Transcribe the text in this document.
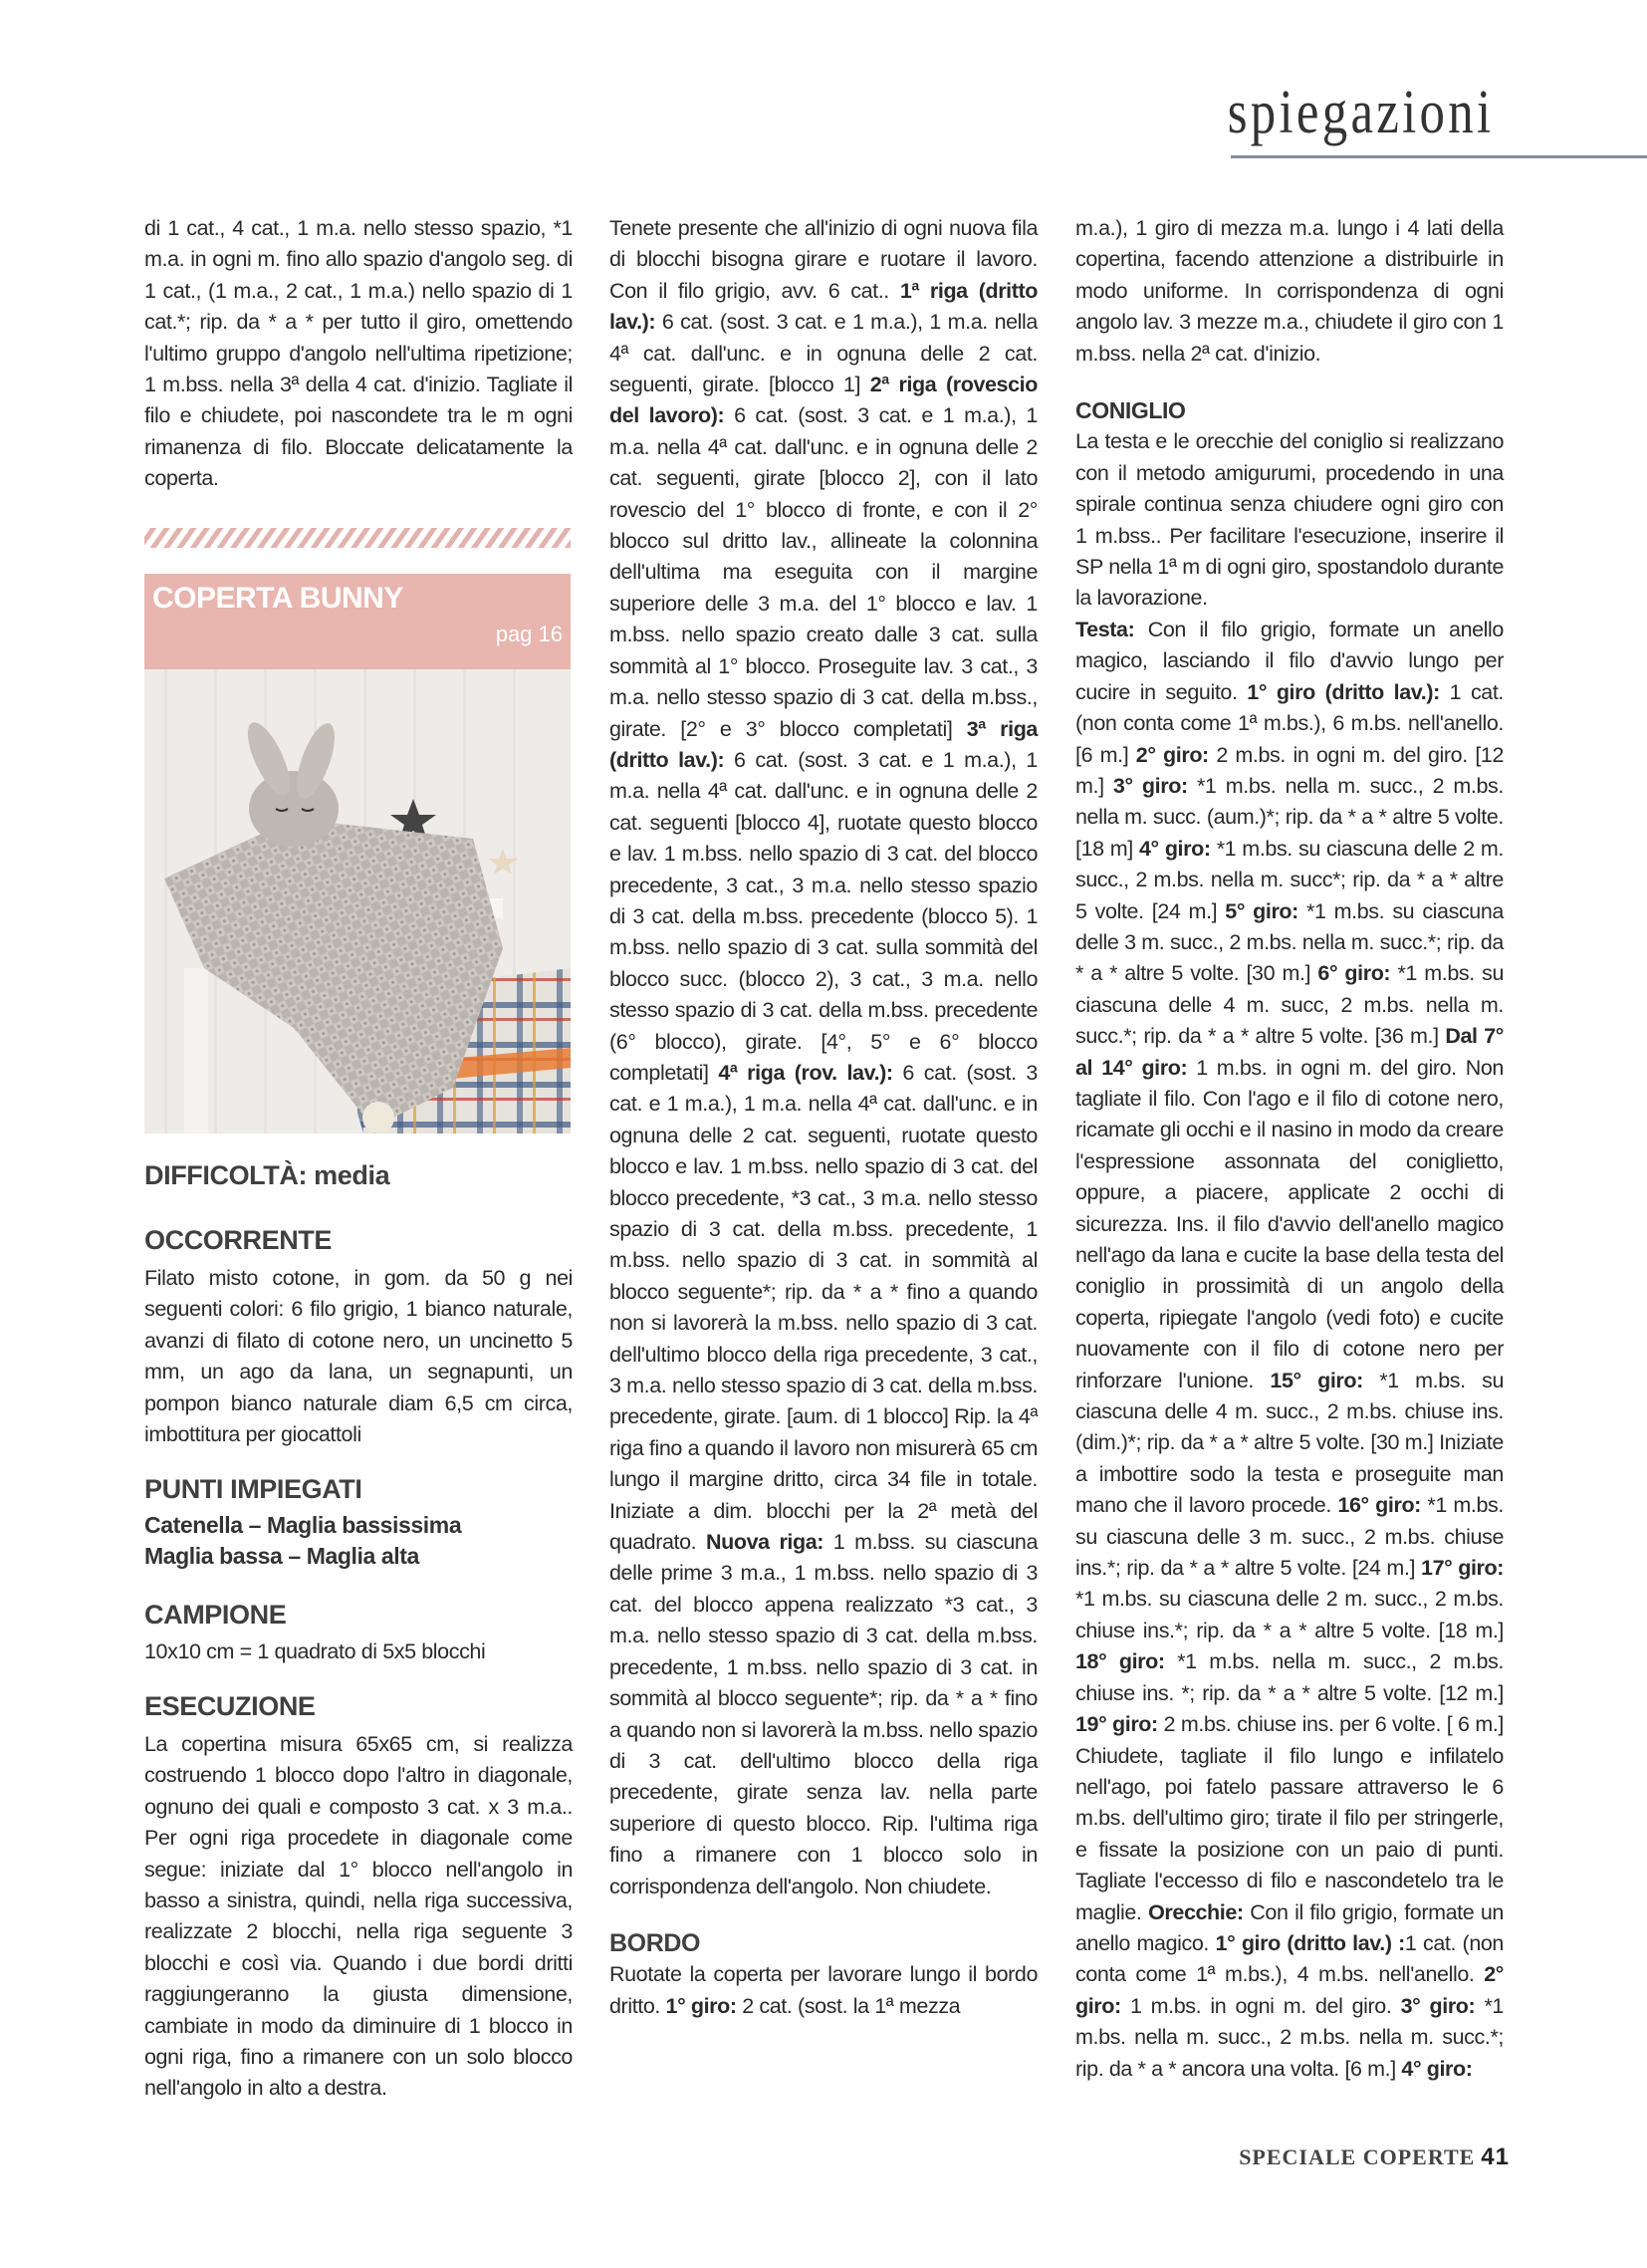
spiegazioni

di 1 cat., 4 cat., 1 m.a. nello stesso spazio, *1 m.a. in ogni m. fino allo spazio d'angolo seg. di 1 cat., (1 m.a., 2 cat., 1 m.a.) nello spazio di 1 cat.*; rip. da * a * per tutto il giro, omettendo l'ultimo gruppo d'angolo nell'ultima ripetizione; 1 m.bss. nella 3ª della 4 cat. d'inizio. Tagliate il filo e chiudete, poi nascondete tra le m ogni rimanenza di filo. Bloccate delicatamente la coperta.

COPERTA BUNNY
pag 16
DIFFICOLTÀ: media
OCCORRENTE

Filato misto cotone, in gom. da 50 g nei seguenti colori: 6 filo grigio, 1 bianco naturale, avanzi di filato di cotone nero, un uncinetto 5 mm, un ago da lana, un segnapunti, un pompon bianco naturale diam 6,5 cm circa, imbottitura per giocattoli

PUNTI IMPIEGATI

Catenella – Maglia bassissima

Maglia bassa – Maglia alta

CAMPIONE

10x10 cm = 1 quadrato di 5x5 blocchi

ESECUZIONE

La copertina misura 65x65 cm, si realizza costruendo 1 blocco dopo l'altro in diagonale, ognuno dei quali e composto 3 cat. x 3 m.a.. Per ogni riga procedete in diagonale come segue: iniziate dal 1° blocco nell'angolo in basso a sinistra, quindi, nella riga successiva, realizzate 2 blocchi, nella riga seguente 3 blocchi e così via. Quando i due bordi dritti raggiungeranno la giusta dimensione, cambiate in modo da diminuire di 1 blocco in ogni riga, fino a rimanere con un solo blocco nell'angolo in alto a destra.

Tenete presente che all'inizio di ogni nuova fila di blocchi bisogna girare e ruotare il lavoro. Con il filo grigio, avv. 6 cat.. 1ª riga (dritto lav.): 6 cat. (sost. 3 cat. e 1 m.a.), 1 m.a. nella 4ª cat. dall'unc. e in ognuna delle 2 cat. seguenti, girate. [blocco 1] 2ª riga (rovescio del lavoro): 6 cat. (sost. 3 cat. e 1 m.a.), 1 m.a. nella 4ª cat. dall'unc. e in ognuna delle 2 cat. seguenti, girate [blocco 2], con il lato rovescio del 1° blocco di fronte, e con il 2° blocco sul dritto lav., allineate la colonnina dell'ultima ma eseguita con il margine superiore delle 3 m.a. del 1° blocco e lav. 1 m.bss. nello spazio creato dalle 3 cat. sulla sommità al 1° blocco. Proseguite lav. 3 cat., 3 m.a. nello stesso spazio di 3 cat. della m.bss., girate. [2° e 3° blocco completati] 3ª riga (dritto lav.): 6 cat. (sost. 3 cat. e 1 m.a.), 1 m.a. nella 4ª cat. dall'unc. e in ognuna delle 2 cat. seguenti [blocco 4], ruotate questo blocco e lav. 1 m.bss. nello spazio di 3 cat. del blocco precedente, 3 cat., 3 m.a. nello stesso spazio di 3 cat. della m.bss. precedente (blocco 5). 1 m.bss. nello spazio di 3 cat. sulla sommità del blocco succ. (blocco 2), 3 cat., 3 m.a. nello stesso spazio di 3 cat. della m.bss. precedente (6° blocco), girate. [4°, 5° e 6° blocco completati] 4ª riga (rov. lav.): 6 cat. (sost. 3 cat. e 1 m.a.), 1 m.a. nella 4ª cat. dall'unc. e in ognuna delle 2 cat. seguenti, ruotate questo blocco e lav. 1 m.bss. nello spazio di 3 cat. del blocco precedente, *3 cat., 3 m.a. nello stesso spazio di 3 cat. della m.bss. precedente, 1 m.bss. nello spazio di 3 cat. in sommità al blocco seguente*; rip. da * a * fino a quando non si lavorerà la m.bss. nello spazio di 3 cat. dell'ultimo blocco della riga precedente, 3 cat., 3 m.a. nello stesso spazio di 3 cat. della m.bss. precedente, girate. [aum. di 1 blocco] Rip. la 4ª riga fino a quando il lavoro non misurerà 65 cm lungo il margine dritto, circa 34 file in totale. Iniziate a dim. blocchi per la 2ª metà del quadrato. Nuova riga: 1 m.bss. su ciascuna delle prime 3 m.a., 1 m.bss. nello spazio di 3 cat. del blocco appena realizzato *3 cat., 3 m.a. nello stesso spazio di 3 cat. della m.bss. precedente, 1 m.bss. nello spazio di 3 cat. in sommità al blocco seguente*; rip. da * a * fino a quando non si lavorerà la m.bss. nello spazio di 3 cat. dell'ultimo blocco della riga precedente, girate senza lav. nella parte superiore di questo blocco. Rip. l'ultima riga fino a rimanere con 1 blocco solo in corrispondenza dell'angolo. Non chiudete.

BORDO

Ruotate la coperta per lavorare lungo il bordo dritto. 1° giro: 2 cat. (sost. la 1ª mezza

m.a.), 1 giro di mezza m.a. lungo i 4 lati della copertina, facendo attenzione a distribuirle in modo uniforme. In corrispondenza di ogni angolo lav. 3 mezze m.a., chiudete il giro con 1 m.bss. nella 2ª cat. d'inizio.

CONIGLIO

La testa e le orecchie del coniglio si realizzano con il metodo amigurumi, procedendo in una spirale continua senza chiudere ogni giro con 1 m.bss.. Per facilitare l'esecuzione, inserire il SP nella 1ª m di ogni giro, spostandolo durante la lavorazione.

Testa: Con il filo grigio, formate un anello magico, lasciando il filo d'avvio lungo per cucire in seguito. 1° giro (dritto lav.): 1 cat. (non conta come 1ª m.bs.), 6 m.bs. nell'anello. [6 m.] 2° giro: 2 m.bs. in ogni m. del giro. [12 m.] 3° giro: *1 m.bs. nella m. succ., 2 m.bs. nella m. succ. (aum.)*; rip. da * a * altre 5 volte. [18 m] 4° giro: *1 m.bs. su ciascuna delle 2 m. succ., 2 m.bs. nella m. succ*; rip. da * a * altre 5 volte. [24 m.] 5° giro: *1 m.bs. su ciascuna delle 3 m. succ., 2 m.bs. nella m. succ.*; rip. da * a * altre 5 volte. [30 m.] 6° giro: *1 m.bs. su ciascuna delle 4 m. succ, 2 m.bs. nella m. succ.*; rip. da * a * altre 5 volte. [36 m.] Dal 7° al 14° giro: 1 m.bs. in ogni m. del giro. Non tagliate il filo. Con l'ago e il filo di cotone nero, ricamate gli occhi e il nasino in modo da creare l'espressione assonnata del coniglietto, oppure, a piacere, applicate 2 occhi di sicurezza. Ins. il filo d'avvio dell'anello magico nell'ago da lana e cucite la base della testa del coniglio in prossimità di un angolo della coperta, ripiegate l'angolo (vedi foto) e cucite nuovamente con il filo di cotone nero per rinforzare l'unione. 15° giro: *1 m.bs. su ciascuna delle 4 m. succ., 2 m.bs. chiuse ins. (dim.)*; rip. da * a * altre 5 volte. [30 m.] Iniziate a imbottire sodo la testa e proseguite man mano che il lavoro procede. 16° giro: *1 m.bs. su ciascuna delle 3 m. succ., 2 m.bs. chiuse ins.*; rip. da * a * altre 5 volte. [24 m.] 17° giro: *1 m.bs. su ciascuna delle 2 m. succ., 2 m.bs. chiuse ins.*; rip. da * a * altre 5 volte. [18 m.] 18° giro: *1 m.bs. nella m. succ., 2 m.bs. chiuse ins. *; rip. da * a * altre 5 volte. [12 m.] 19° giro: 2 m.bs. chiuse ins. per 6 volte. [ 6 m.] Chiudete, tagliate il filo lungo e infilatelo nell'ago, poi fatelo passare attraverso le 6 m.bs. dell'ultimo giro; tirate il filo per stringerle, e fissate la posizione con un paio di punti. Tagliate l'eccesso di filo e nascondetelo tra le maglie. Orecchie: Con il filo grigio, formate un anello magico. 1° giro (dritto lav.) :1 cat. (non conta come 1ª m.bs.), 4 m.bs. nell'anello. 2° giro: 1 m.bs. in ogni m. del giro. 3° giro: *1 m.bs. nella m. succ., 2 m.bs. nella m. succ.*; rip. da * a * ancora una volta. [6 m.] 4° giro:

SPECIALE COPERTE 41
